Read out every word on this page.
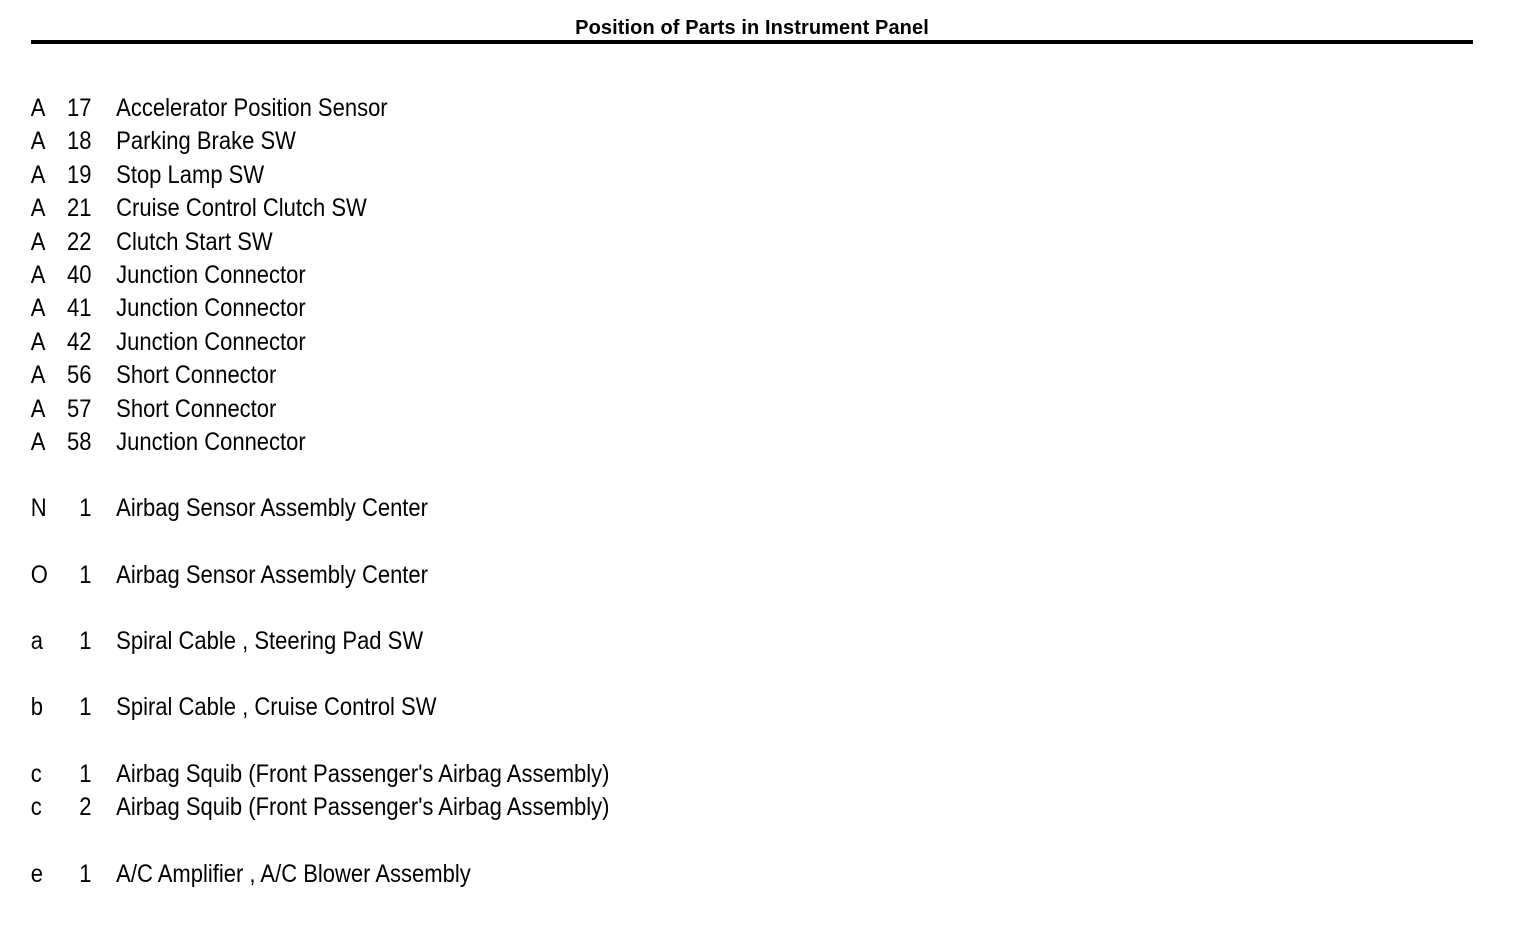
Position of Parts in Instrument Panel
A 17 Accelerator Position Sensor
A 18 Parking Brake SW
A 19 Stop Lamp SW
A 21 Cruise Control Clutch SW
A 22 Clutch Start SW
A 40 Junction Connector
A 41 Junction Connector
A 42 Junction Connector
A 56 Short Connector
A 57 Short Connector
A 58 Junction Connector
N	1 Airbag Sensor Assembly Center
O	1 Airbag Sensor Assembly Center
a	1 Spiral Cable , Steering Pad SW
b	1 Spiral Cable , Cruise Control SW
c	1 Airbag Squib (Front Passenger's Airbag Assembly)
c	2 Airbag Squib (Front Passenger's Airbag Assembly)
e	1 A/C Amplifier , A/C Blower Assembly
